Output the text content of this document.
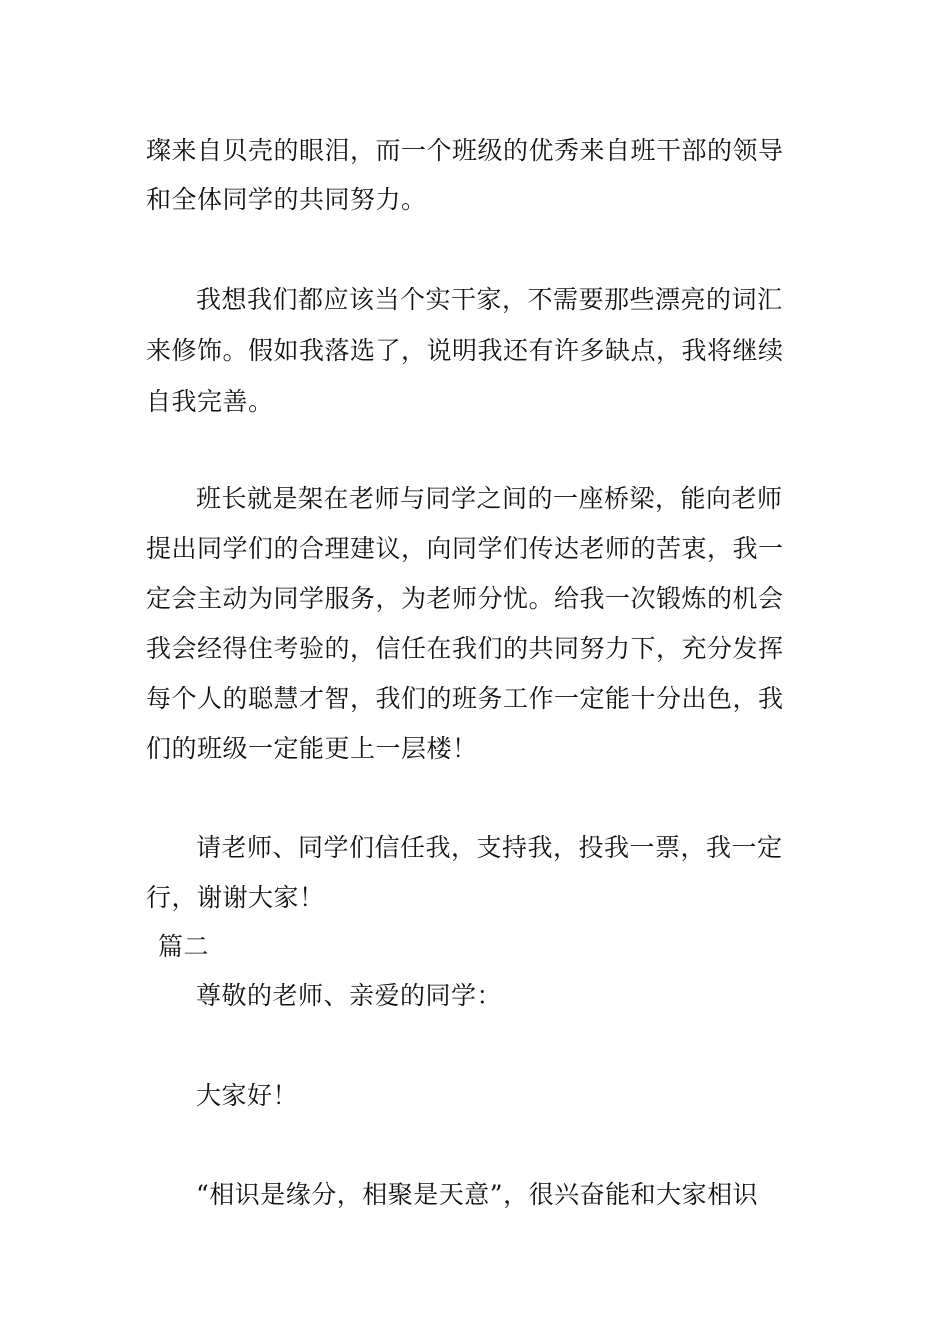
璨来自贝壳的眼泪，而一个班级的优秀来自班干部的领导
和全体同学的共同努力。
我想我们都应该当个实干家，不需要那些漂亮的词汇
来修饰。假如我落选了，说明我还有许多缺点，我将继续
自我完善。
班长就是架在老师与同学之间的一座桥梁，能向老师
提出同学们的合理建议，向同学们传达老师的苦衷，我一
定会主动为同学服务，为老师分忧。给我一次锻炼的机会
我会经得住考验的，信任在我们的共同努力下，充分发挥
每个人的聪慧才智，我们的班务工作一定能十分出色，我
们的班级一定能更上一层楼！
请老师、同学们信任我，支持我，投我一票，我一定
行，谢谢大家！
篇二
尊敬的老师、亲爱的同学：
大家好！
“相识是缘分，相聚是天意”，很兴奋能和大家相识
